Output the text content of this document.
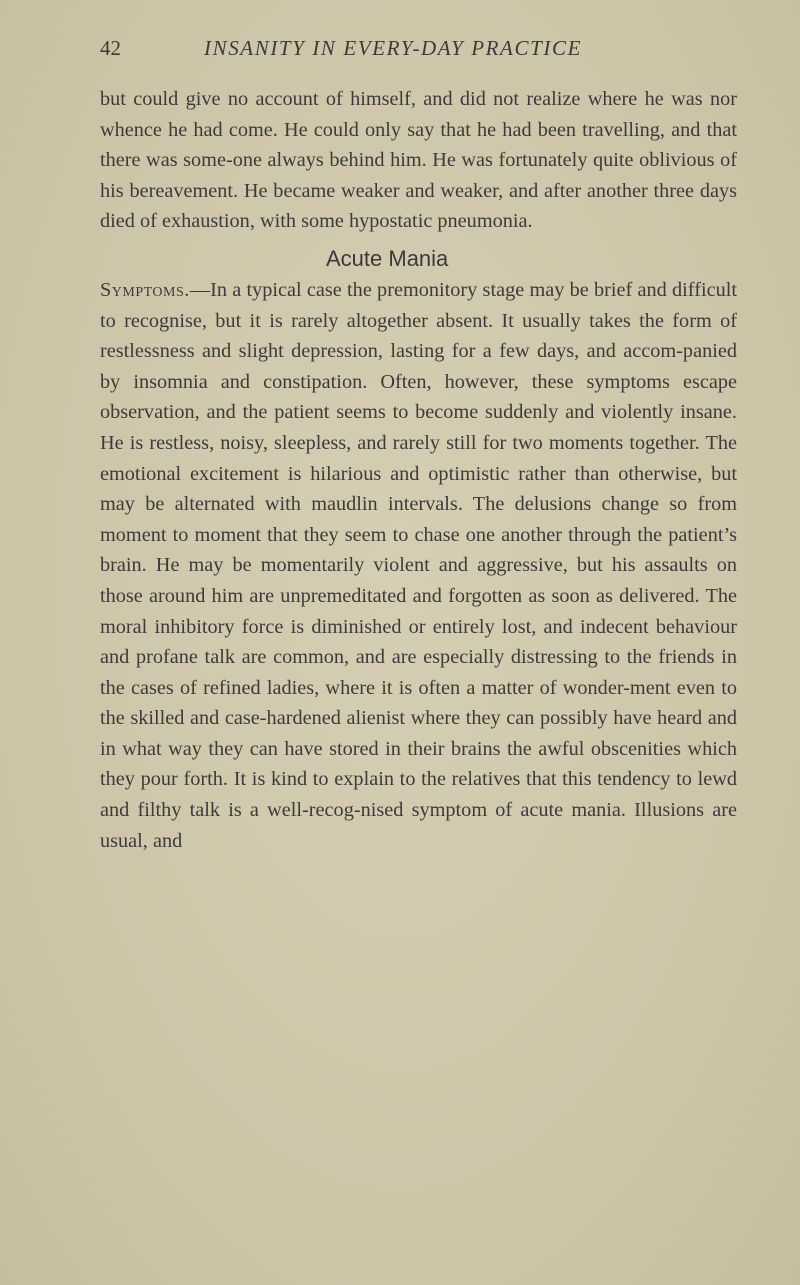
42	INSANITY IN EVERY-DAY PRACTICE

but could give no account of himself, and did not realize where he was nor whence he had come. He could only say that he had been travelling, and that there was some-one always behind him. He was fortunately quite oblivious of his bereavement. He became weaker and weaker, and after another three days died of exhaustion, with some hypostatic pneumonia.

Acute Mania

Symptoms.—In a typical case the premonitory stage may be brief and difficult to recognise, but it is rarely altogether absent. It usually takes the form of restlessness and slight depression, lasting for a few days, and accom-panied by insomnia and constipation. Often, however, these symptoms escape observation, and the patient seems to become suddenly and violently insane. He is restless, noisy, sleepless, and rarely still for two moments together. The emotional excitement is hilarious and optimistic rather than otherwise, but may be alternated with maudlin intervals. The delusions change so from moment to moment that they seem to chase one another through the patient’s brain. He may be momentarily violent and aggressive, but his assaults on those around him are unpremeditated and forgotten as soon as delivered. The moral inhibitory force is diminished or entirely lost, and indecent behaviour and profane talk are common, and are especially distressing to the friends in the cases of refined ladies, where it is often a matter of wonder-ment even to the skilled and case-hardened alienist where they can possibly have heard and in what way they can have stored in their brains the awful obscenities which they pour forth. It is kind to explain to the relatives that this tendency to lewd and filthy talk is a well-recog-nised symptom of acute mania. Illusions are usual, and
